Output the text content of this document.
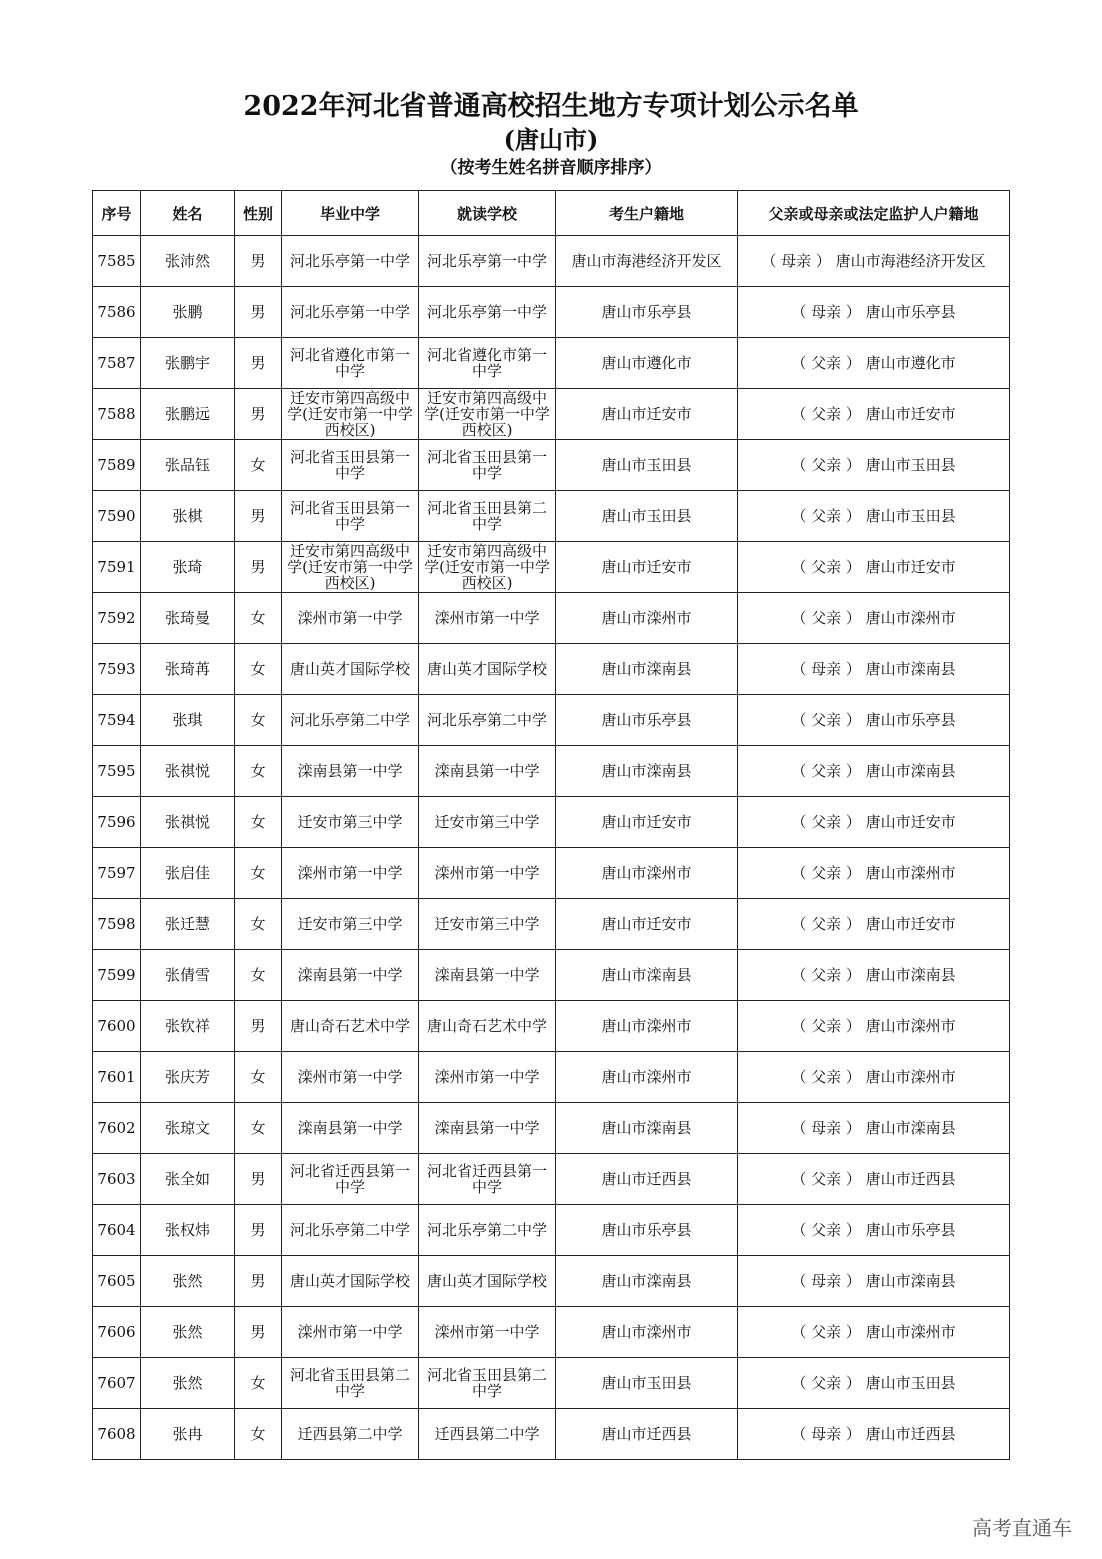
2022年河北省普通高校招生地方专项计划公示名单
(唐山市)
（按考生姓名拼音顺序排序）
序号	姓名	性别	毕业中学	就读学校	考生户籍地	父亲或母亲或法定监护人户籍地
7585	张沛然	男	河北乐亭第一中学	河北乐亭第一中学	唐山市海港经济开发区	（ 母亲 ） 唐山市海港经济开发区
7586	张鹏	男	河北乐亭第一中学	河北乐亭第一中学	唐山市乐亭县	（ 母亲 ） 唐山市乐亭县
7587	张鹏宇	男	河北省遵化市第一中学	河北省遵化市第一中学	唐山市遵化市	（ 父亲 ） 唐山市遵化市
7588	张鹏远	男	迁安市第四高级中学(迁安市第一中学西校区)	迁安市第四高级中学(迁安市第一中学西校区)	唐山市迁安市	（ 父亲 ） 唐山市迁安市
7589	张品钰	女	河北省玉田县第一中学	河北省玉田县第一中学	唐山市玉田县	（ 父亲 ） 唐山市玉田县
7590	张棋	男	河北省玉田县第一中学	河北省玉田县第二中学	唐山市玉田县	（ 父亲 ） 唐山市玉田县
7591	张琦	男	迁安市第四高级中学(迁安市第一中学西校区)	迁安市第四高级中学(迁安市第一中学西校区)	唐山市迁安市	（ 父亲 ） 唐山市迁安市
7592	张琦曼	女	滦州市第一中学	滦州市第一中学	唐山市滦州市	（ 父亲 ） 唐山市滦州市
7593	张琦苒	女	唐山英才国际学校	唐山英才国际学校	唐山市滦南县	（ 母亲 ） 唐山市滦南县
7594	张琪	女	河北乐亭第二中学	河北乐亭第二中学	唐山市乐亭县	（ 父亲 ） 唐山市乐亭县
7595	张祺悦	女	滦南县第一中学	滦南县第一中学	唐山市滦南县	（ 父亲 ） 唐山市滦南县
7596	张祺悦	女	迁安市第三中学	迁安市第三中学	唐山市迁安市	（ 父亲 ） 唐山市迁安市
7597	张启佳	女	滦州市第一中学	滦州市第一中学	唐山市滦州市	（ 父亲 ） 唐山市滦州市
7598	张迁慧	女	迁安市第三中学	迁安市第三中学	唐山市迁安市	（ 父亲 ） 唐山市迁安市
7599	张倩雪	女	滦南县第一中学	滦南县第一中学	唐山市滦南县	（ 父亲 ） 唐山市滦南县
7600	张钦祥	男	唐山奇石艺术中学	唐山奇石艺术中学	唐山市滦州市	（ 父亲 ） 唐山市滦州市
7601	张庆芳	女	滦州市第一中学	滦州市第一中学	唐山市滦州市	（ 父亲 ） 唐山市滦州市
7602	张琼文	女	滦南县第一中学	滦南县第一中学	唐山市滦南县	（ 母亲 ） 唐山市滦南县
7603	张全如	男	河北省迁西县第一中学	河北省迁西县第一中学	唐山市迁西县	（ 父亲 ） 唐山市迁西县
7604	张权炜	男	河北乐亭第二中学	河北乐亭第二中学	唐山市乐亭县	（ 父亲 ） 唐山市乐亭县
7605	张然	男	唐山英才国际学校	唐山英才国际学校	唐山市滦南县	（ 母亲 ） 唐山市滦南县
7606	张然	男	滦州市第一中学	滦州市第一中学	唐山市滦州市	（ 父亲 ） 唐山市滦州市
7607	张然	女	河北省玉田县第二中学	河北省玉田县第二中学	唐山市玉田县	（ 父亲 ） 唐山市玉田县
7608	张冉	女	迁西县第二中学	迁西县第二中学	唐山市迁西县	（ 母亲 ） 唐山市迁西县
高考直通车
